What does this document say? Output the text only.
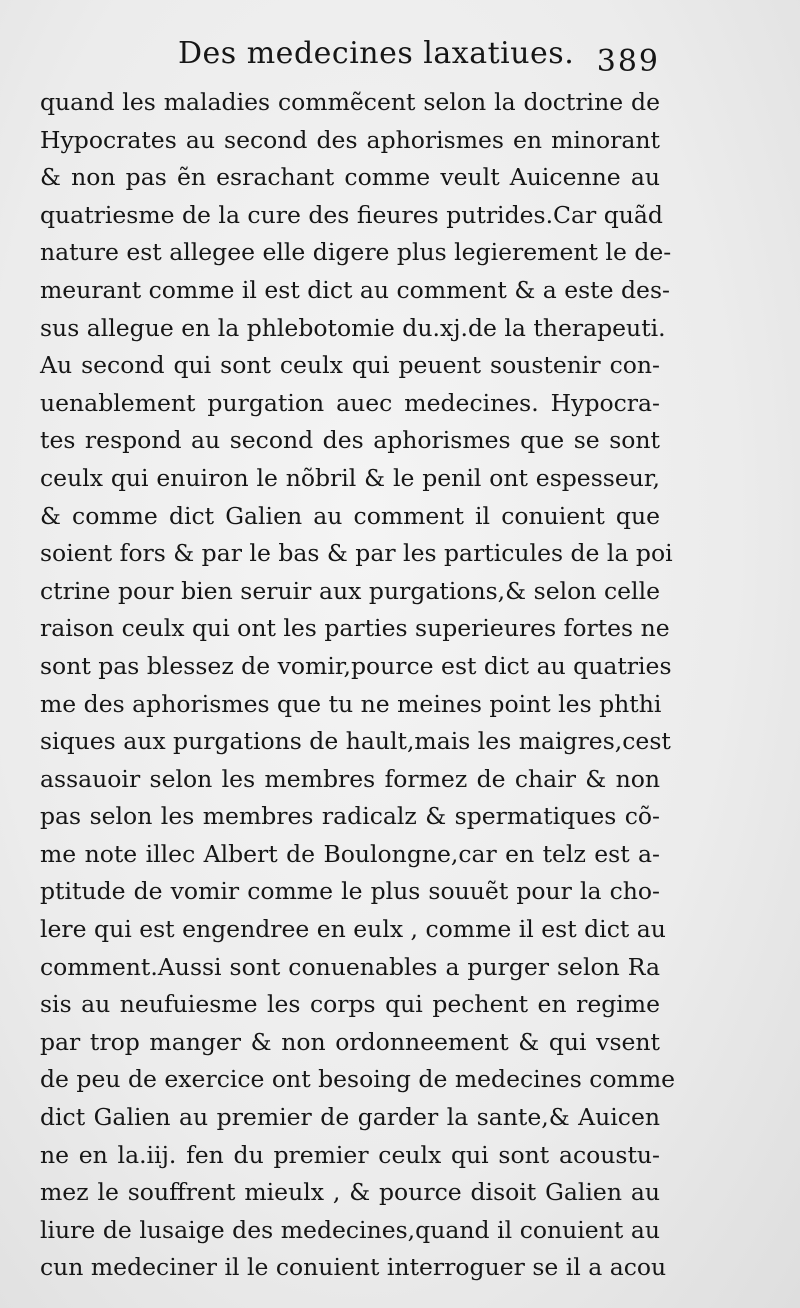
Des medecines laxatiues. 389
quand les maladies commẽcent selon la doctrine de
Hypocrates au second des aphorismes en minorant
& non pas ẽn esrachant comme veult Auicenne au
quatriesme de la cure des fieures putrides.Car quãd
nature est allegee elle digere plus legierement le de-
meurant comme il est dict au comment & a este des-
sus allegue en la phlebotomie du.xj.de la therapeuti.
Au second qui sont ceulx qui peuent soustenir con-
uenablement purgation auec medecines. Hypocra-
tes respond au second des aphorismes que se sont
ceulx qui enuiron le nõbril & le penil ont espesseur,
& comme dict Galien au comment il conuient que
soient fors & par le bas & par les particules de la poi
ctrine pour bien seruir aux purgations,& selon celle
raison ceulx qui ont les parties superieures fortes ne
sont pas blessez de vomir,pource est dict au quatries
me des aphorismes que tu ne meines point les phthi
siques aux purgations de hault,mais les maigres,cest
assauoir selon les membres formez de chair & non
pas selon les membres radicalz & spermatiques cõ-
me note illec Albert de Boulongne,car en telz est a-
ptitude de vomir comme le plus souuẽt pour la cho-
lere qui est engendree en eulx , comme il est dict au
comment.Aussi sont conuenables a purger selon Ra
sis au neufuiesme les corps qui pechent en regime
par trop manger & non ordonneement & qui vsent
de peu de exercice ont besoing de medecines comme
dict Galien au premier de garder la sante,& Auicen
ne en la.iij. fen du premier ceulx qui sont acoustu-
mez le souffrent mieulx , & pource disoit Galien au
liure de lusaige des medecines,quand il conuient au
cun medeciner il le conuient interroguer se il a acou
